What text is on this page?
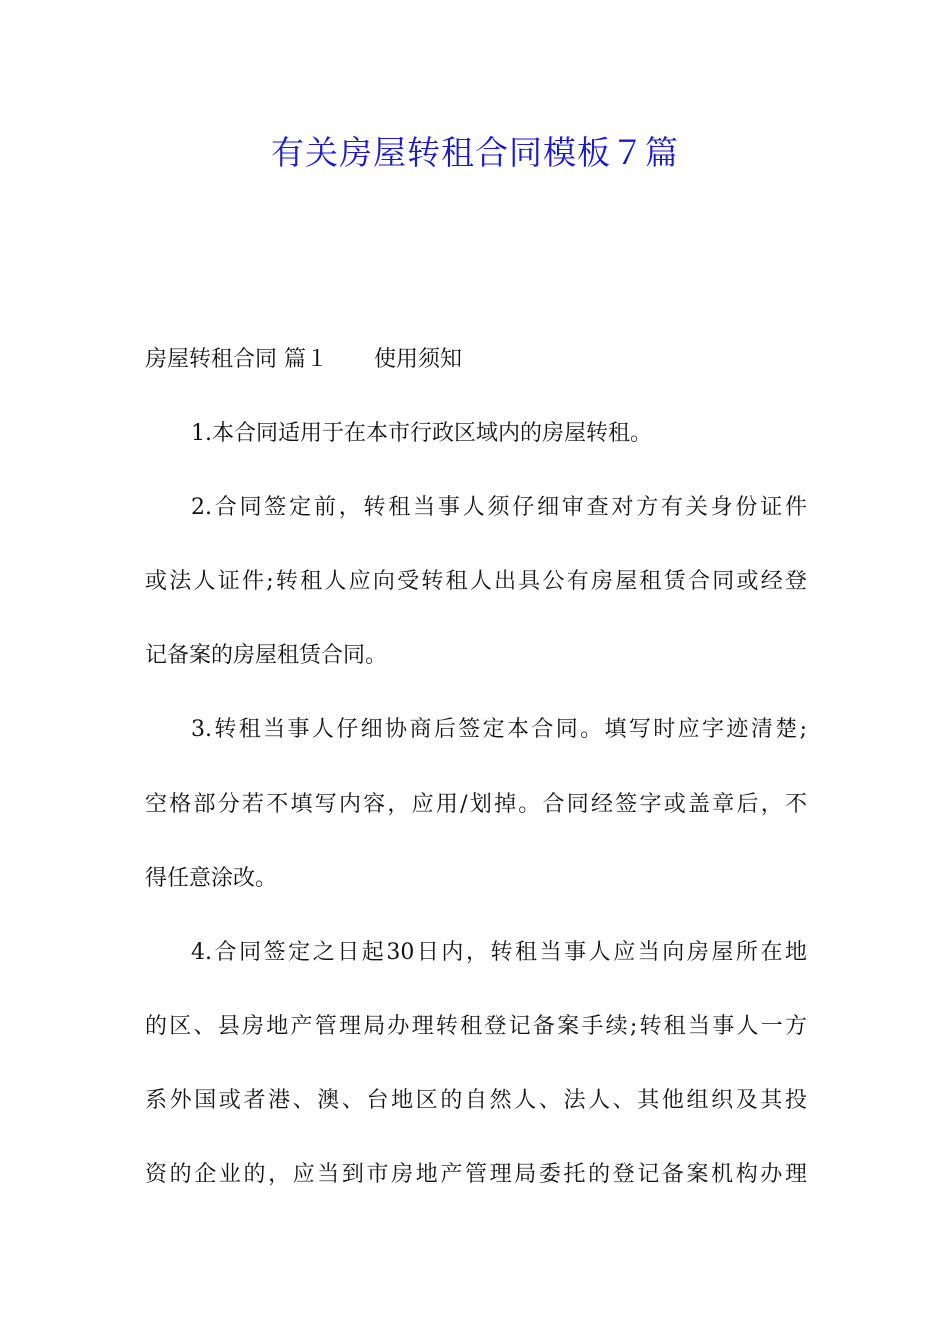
有关房屋转租合同模板７篇
房屋转租合同 篇１ 使用须知
1.本合同适用于在本市行政区域内的房屋转租。
2.合同签定前，转租当事人须仔细审查对方有关身份证件
或法人证件;转租人应向受转租人出具公有房屋租赁合同或经登
记备案的房屋租赁合同。
3.转租当事人仔细协商后签定本合同。填写时应字迹清楚;
空格部分若不填写内容，应用/划掉。合同经签字或盖章后，不
得任意涂改。
4.合同签定之日起30日内，转租当事人应当向房屋所在地
的区、县房地产管理局办理转租登记备案手续;转租当事人一方
系外国或者港、澳、台地区的自然人、法人、其他组织及其投
资的企业的，应当到市房地产管理局委托的登记备案机构办理
